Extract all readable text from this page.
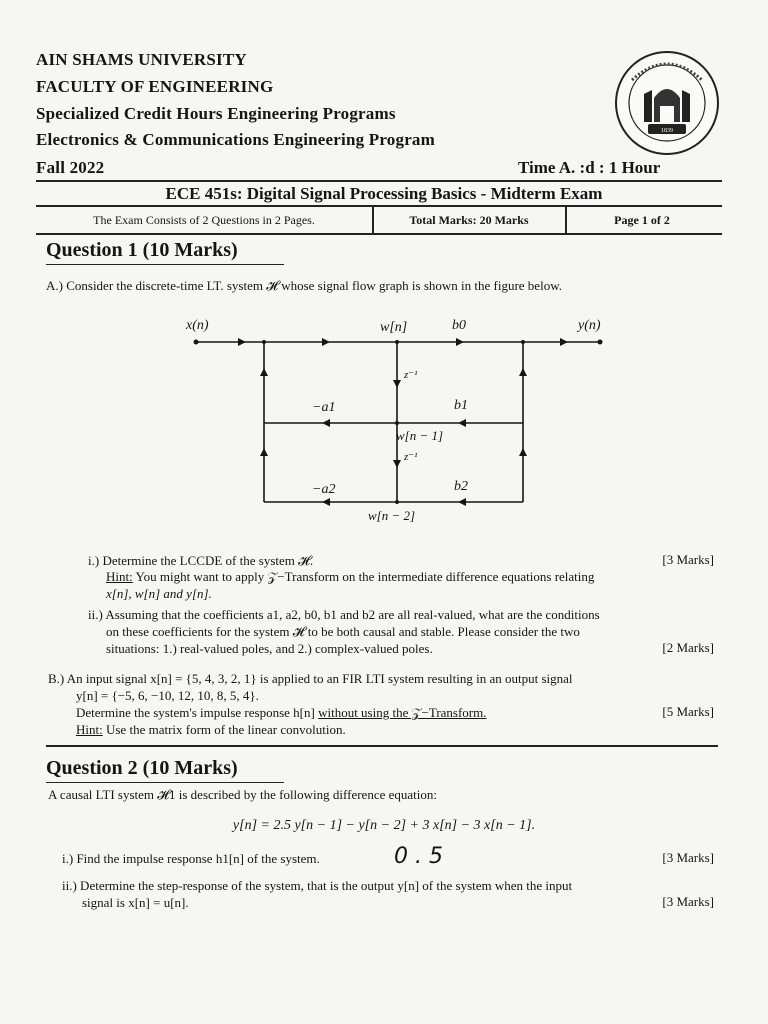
AIN SHAMS UNIVERSITY
FACULTY OF ENGINEERING
Specialized Credit Hours Engineering Programs
Electronics & Communications Engineering Program	1839
Fall 2022	Time A. :d : 1 Hour
ECE 451s: Digital Signal Processing Basics - Midterm Exam
The Exam Consists of 2 Questions in 2 Pages.	Total Marks: 20 Marks	Page 1 of 2
Question 1 (10 Marks)
A.) Consider the discrete-time LT. system 𝓗 whose signal flow graph is shown in the figure below.
x(n)	w[n]	b0	y(n)
z⁻¹
−a1	b1
w[n − 1]
z⁻¹
−a2	b2
w[n − 2]
i.) Determine the LCCDE of the system 𝓗.	[3 Marks]
Hint: You might want to apply 𝒵−Transform on the intermediate difference equations relating
x[n], w[n] and y[n].
ii.) Assuming that the coefficients a1, a2, b0, b1 and b2 are all real-valued, what are the conditions
on these coefficients for the system 𝓗 to be both causal and stable. Please consider the two
situations: 1.) real-valued poles, and 2.) complex-valued poles.	[2 Marks]
B.) An input signal x[n] = {5, 4, 3, 2, 1} is applied to an FIR LTI system resulting in an output signal
y[n] = {−5, 6, −10, 12, 10, 8, 5, 4}.
Determine the system's impulse response h[n] without using the 𝒵−Transform.	[5 Marks]
Hint: Use the matrix form of the linear convolution.
Question 2 (10 Marks)
A causal LTI system 𝓗1 is described by the following difference equation:
y[n] = 2.5 y[n − 1] − y[n − 2] + 3 x[n] − 3 x[n − 1].
i.) Find the impulse response h1[n] of the system.	0 . 5	[3 Marks]
ii.) Determine the step-response of the system, that is the output y[n] of the system when the input
signal is x[n] = u[n].	[3 Marks]
